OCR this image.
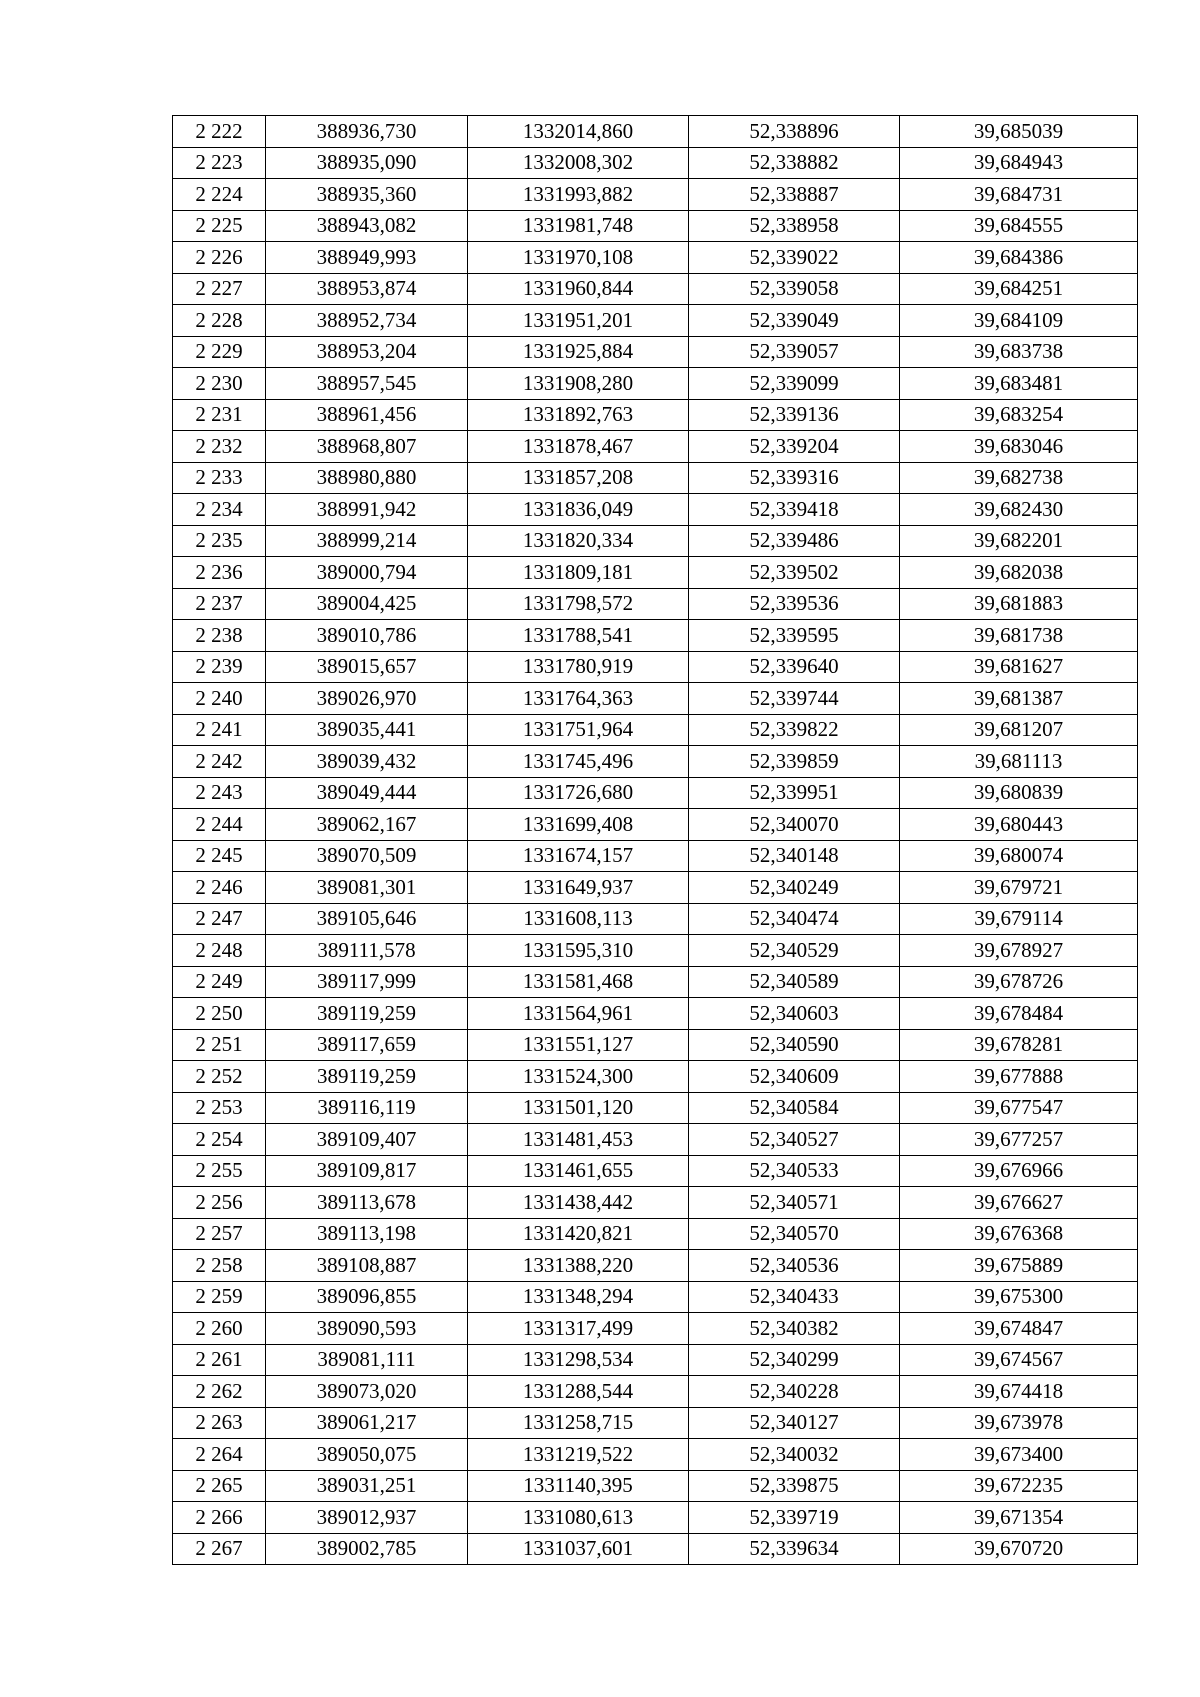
2 222	388936,730	1332014,860	52,338896	39,685039
2 223	388935,090	1332008,302	52,338882	39,684943
2 224	388935,360	1331993,882	52,338887	39,684731
2 225	388943,082	1331981,748	52,338958	39,684555
2 226	388949,993	1331970,108	52,339022	39,684386
2 227	388953,874	1331960,844	52,339058	39,684251
2 228	388952,734	1331951,201	52,339049	39,684109
2 229	388953,204	1331925,884	52,339057	39,683738
2 230	388957,545	1331908,280	52,339099	39,683481
2 231	388961,456	1331892,763	52,339136	39,683254
2 232	388968,807	1331878,467	52,339204	39,683046
2 233	388980,880	1331857,208	52,339316	39,682738
2 234	388991,942	1331836,049	52,339418	39,682430
2 235	388999,214	1331820,334	52,339486	39,682201
2 236	389000,794	1331809,181	52,339502	39,682038
2 237	389004,425	1331798,572	52,339536	39,681883
2 238	389010,786	1331788,541	52,339595	39,681738
2 239	389015,657	1331780,919	52,339640	39,681627
2 240	389026,970	1331764,363	52,339744	39,681387
2 241	389035,441	1331751,964	52,339822	39,681207
2 242	389039,432	1331745,496	52,339859	39,681113
2 243	389049,444	1331726,680	52,339951	39,680839
2 244	389062,167	1331699,408	52,340070	39,680443
2 245	389070,509	1331674,157	52,340148	39,680074
2 246	389081,301	1331649,937	52,340249	39,679721
2 247	389105,646	1331608,113	52,340474	39,679114
2 248	389111,578	1331595,310	52,340529	39,678927
2 249	389117,999	1331581,468	52,340589	39,678726
2 250	389119,259	1331564,961	52,340603	39,678484
2 251	389117,659	1331551,127	52,340590	39,678281
2 252	389119,259	1331524,300	52,340609	39,677888
2 253	389116,119	1331501,120	52,340584	39,677547
2 254	389109,407	1331481,453	52,340527	39,677257
2 255	389109,817	1331461,655	52,340533	39,676966
2 256	389113,678	1331438,442	52,340571	39,676627
2 257	389113,198	1331420,821	52,340570	39,676368
2 258	389108,887	1331388,220	52,340536	39,675889
2 259	389096,855	1331348,294	52,340433	39,675300
2 260	389090,593	1331317,499	52,340382	39,674847
2 261	389081,111	1331298,534	52,340299	39,674567
2 262	389073,020	1331288,544	52,340228	39,674418
2 263	389061,217	1331258,715	52,340127	39,673978
2 264	389050,075	1331219,522	52,340032	39,673400
2 265	389031,251	1331140,395	52,339875	39,672235
2 266	389012,937	1331080,613	52,339719	39,671354
2 267	389002,785	1331037,601	52,339634	39,670720
